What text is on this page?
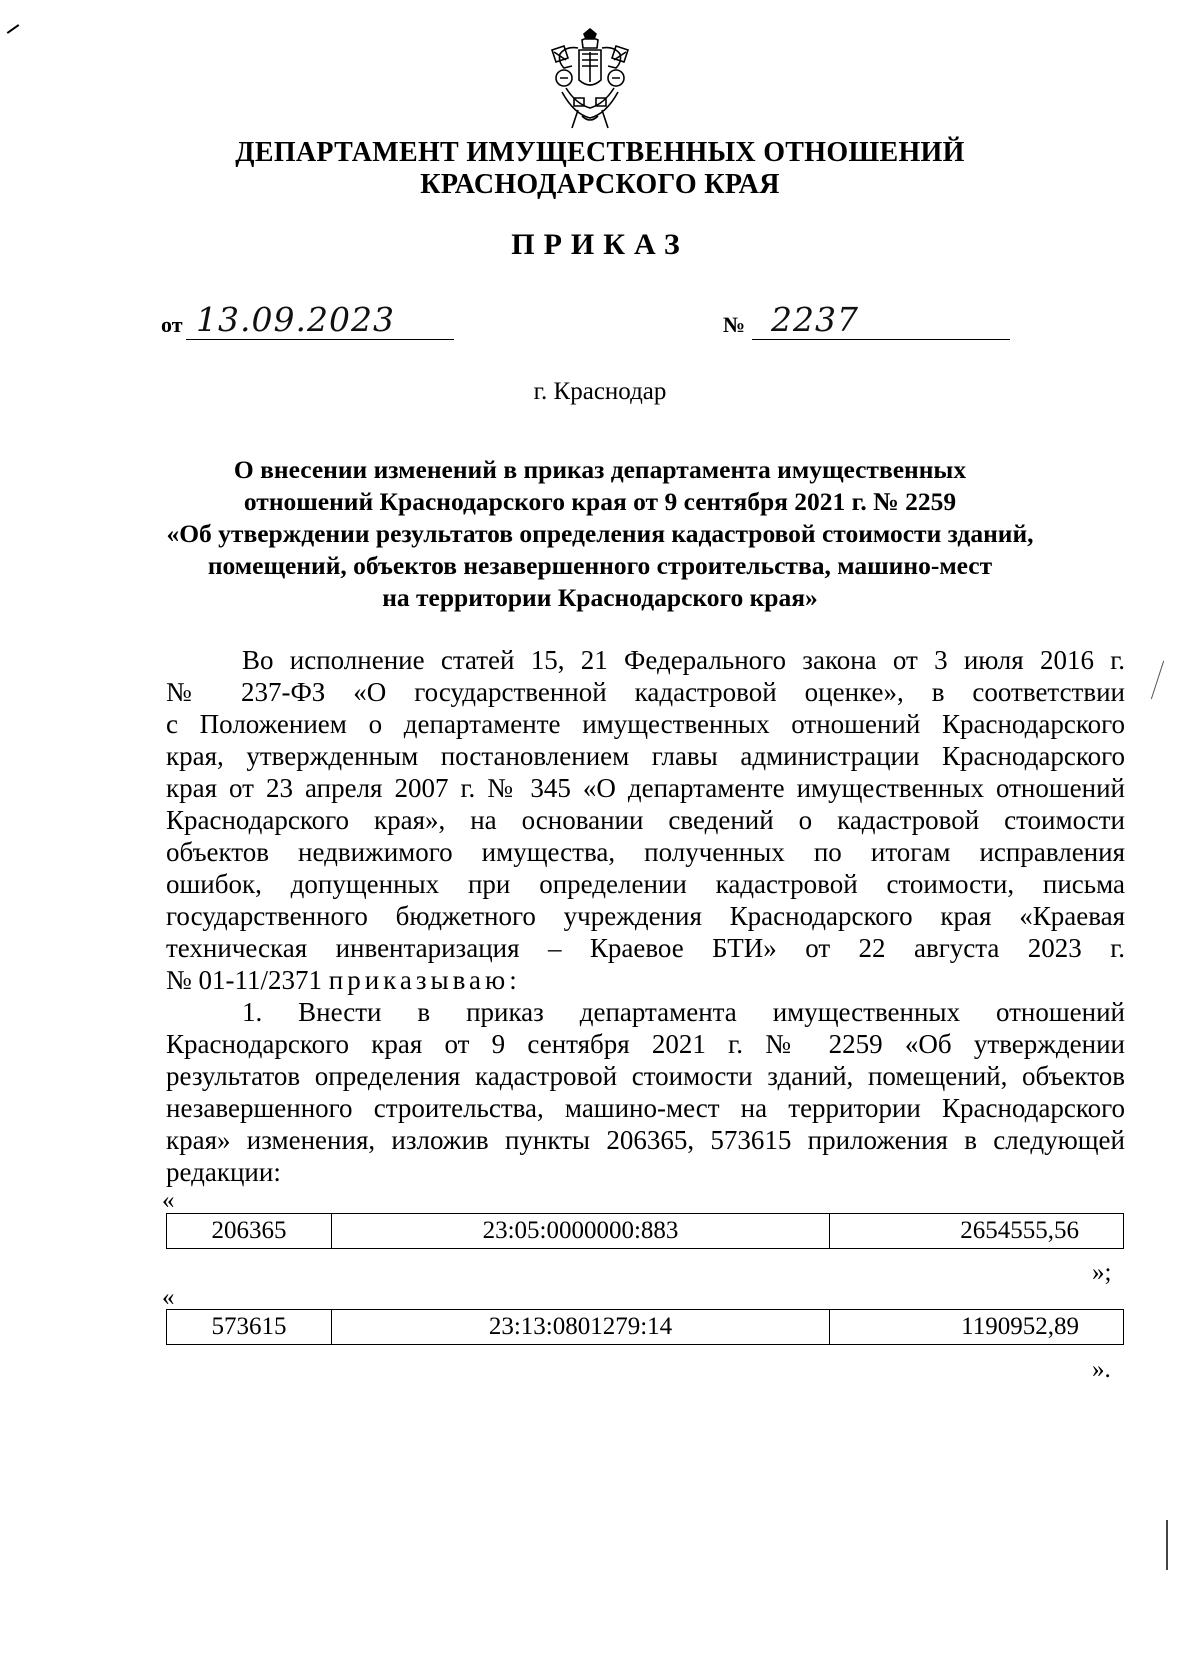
ДЕПАРТАМЕНТ ИМУЩЕСТВЕННЫХ ОТНОШЕНИЙ
КРАСНОДАРСКОГО КРАЯ
ПРИКАЗ
от 13.09.2023	№ 2237
г. Краснодар
О внесении изменений в приказ департамента имущественных
отношений Краснодарского края от 9 сентября 2021 г. № 2259
«Об утверждении результатов определения кадастровой стоимости зданий,
помещений, объектов незавершенного строительства, машино-мест
на территории Краснодарского края»
Во исполнение статей 15, 21 Федерального закона от 3 июля 2016 г.
№ 237-ФЗ «О государственной кадастровой оценке», в соответствии
с Положением о департаменте имущественных отношений Краснодарского
края, утвержденным постановлением главы администрации Краснодарского
края от 23 апреля 2007 г. № 345 «О департаменте имущественных отношений
Краснодарского края», на основании сведений о кадастровой стоимости
объектов недвижимого имущества, полученных по итогам исправления
ошибок, допущенных при определении кадастровой стоимости, письма
государственного бюджетного учреждения Краснодарского края «Краевая
техническая инвентаризация – Краевое БТИ» от 22 августа 2023 г.
№ 01-11/2371 приказываю:
1. Внести в приказ департамента имущественных отношений
Краснодарского края от 9 сентября 2021 г. № 2259 «Об утверждении
результатов определения кадастровой стоимости зданий, помещений, объектов
незавершенного строительства, машино-мест на территории Краснодарского
края» изменения, изложив пункты 206365, 573615 приложения в следующей
редакции:
«
206365	23:05:0000000:883	2654555,56
»;
«
573615	23:13:0801279:14	1190952,89
».
